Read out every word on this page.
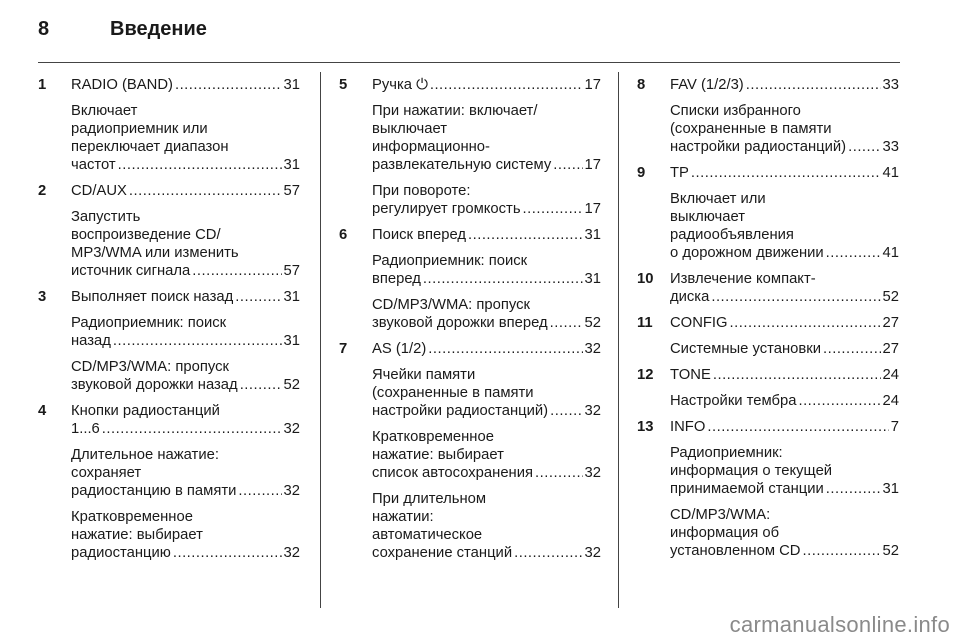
8	Введение
1	RADIO (BAND) .....	31
Включает
радиоприемник или
переключает диапазон
частот .....	31
2	CD/AUX .....	57
Запустить
воспроизведение CD/
MP3/WMA или изменить
источник сигнала .....	57
3	Выполняет поиск назад .....	31
Радиоприемник: поиск
назад .....	31
CD/MP3/WMA: пропуск
звуковой дорожки назад .....	52
4	Кнопки радиостанций
1...6 .....	32
Длительное нажатие:
сохраняет
радиостанцию в памяти .....	32
Кратковременное
нажатие: выбирает
радиостанцию .....	32
5	Ручка ⏻ .....	17
При нажатии: включает/
выключает
информационно-
развлекательную систему ..... 17
При повороте:
регулирует громкость .....	17
6	Поиск вперед .....	31
Радиоприемник: поиск
вперед .....	31
CD/MP3/WMA: пропуск
звуковой дорожки вперед ..... 52
7	AS (1/2) .....	32
Ячейки памяти
(сохраненные в памяти
настройки радиостанций) ..... 32
Кратковременное
нажатие: выбирает
список автосохранения .....	32
При длительном
нажатии:
автоматическое
сохранение станций .....	32
8	FAV (1/2/3) .....	33
Списки избранного
(сохраненные в памяти
настройки радиостанций) ..... 33
9	TP .....	41
Включает или
выключает
радиообъявления
о дорожном движении .....	41
10	Извлечение компакт-
диска .....	52
11	CONFIG .....	27
Системные установки .....	27
12	TONE .....	24
Настройки тембра .....	24
13	INFO .....	7
Радиоприемник:
информация о текущей
принимаемой станции .....	31
CD/MP3/WMA:
информация об
установленном CD .....	52
carmanualsonline.info
